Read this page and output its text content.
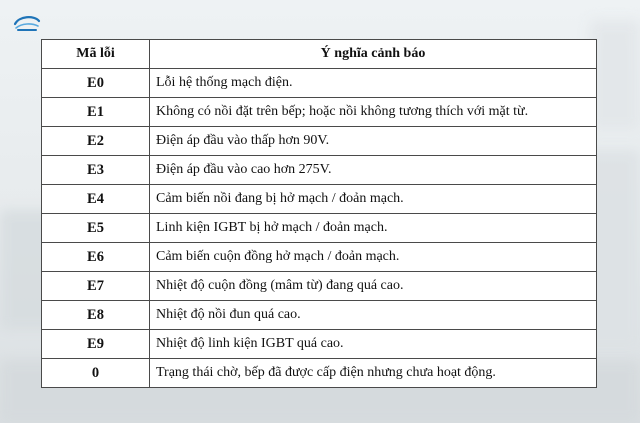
Mã lỗi	Ý nghĩa cảnh báo
E0	Lỗi hệ thống mạch điện.
E1	Không có nồi đặt trên bếp; hoặc nồi không tương thích với mặt từ.
E2	Điện áp đầu vào thấp hơn 90V.
E3	Điện áp đầu vào cao hơn 275V.
E4	Cảm biến nồi đang bị hở mạch / đoản mạch.
E5	Linh kiện IGBT bị hở mạch / đoản mạch.
E6	Cảm biến cuộn đồng hở mạch / đoản mạch.
E7	Nhiệt độ cuộn đồng (mâm từ) đang quá cao.
E8	Nhiệt độ nồi đun quá cao.
E9	Nhiệt độ linh kiện IGBT quá cao.
0	Trạng thái chờ, bếp đã được cấp điện nhưng chưa hoạt động.
